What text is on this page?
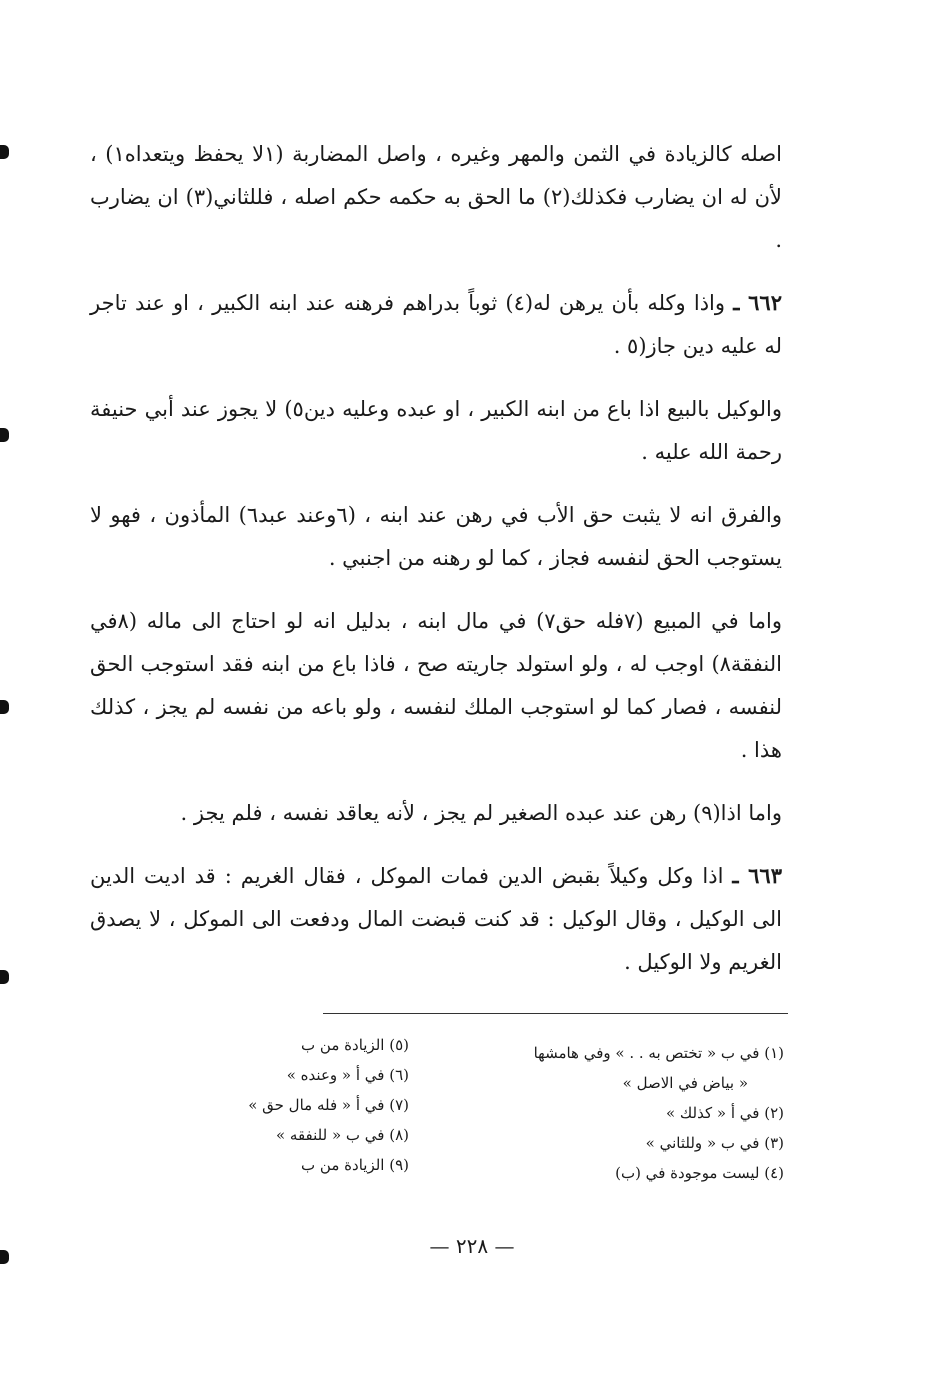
اصله كالزيادة في الثمن والمهر وغيره ، واصل المضاربة (١لا يحفظ ويتعداه١) ، لأن له ان يضارب فكذلك(٢) ما الحق به حكمه حكم اصله ، فللثاني(٣) ان يضارب .

٦٦٢ ـ واذا وكله بأن يرهن له(٤) ثوباً بدراهم فرهنه عند ابنه الكبير ، او عند تاجر له عليه دين جاز(٥ .

والوكيل بالبيع اذا باع من ابنه الكبير ، او عبده وعليه دين٥) لا يجوز عند أبي حنيفة رحمة الله عليه .

والفرق انه لا يثبت حق الأب في رهن عند ابنه ، (٦وعند عبد٦) المأذون ، فهو لا يستوجب الحق لنفسه فجاز ، كما لو رهنه من اجنبي .

واما في المبيع (٧فله حق٧) في مال ابنه ، بدليل انه لو احتاج الى ماله (٨في النفقة٨) اوجب له ، ولو استولد جاريته صح ، فاذا باع من ابنه فقد استوجب الحق لنفسه ، فصار كما لو استوجب الملك لنفسه ، ولو باعه من نفسه لم يجز ، كذلك هذا .

واما اذا(٩) رهن عند عبده الصغير لم يجز ، لأنه يعاقد نفسه ، فلم يجز .

٦٦٣ ـ اذا وكل وكيلاً بقبض الدين فمات الموكل ، فقال الغريم : قد اديت الدين الى الوكيل ، وقال الوكيل : قد كنت قبضت المال ودفعت الى الموكل ، لا يصدق الغريم ولا الوكيل .

(١) في ب « تختص به . . » وفي هامشها
« بياض في الاصل »
(٢) في أ « كذلك »
(٣) في ب « وللثاني »
(٤) ليست موجودة في (ب)
(٥) الزيادة من ب
(٦) في أ « وعنده »
(٧) في أ « فله مال حق »
(٨) في ب « للنفقه »
(٩) الزيادة من ب
— ٢٢٨ —
